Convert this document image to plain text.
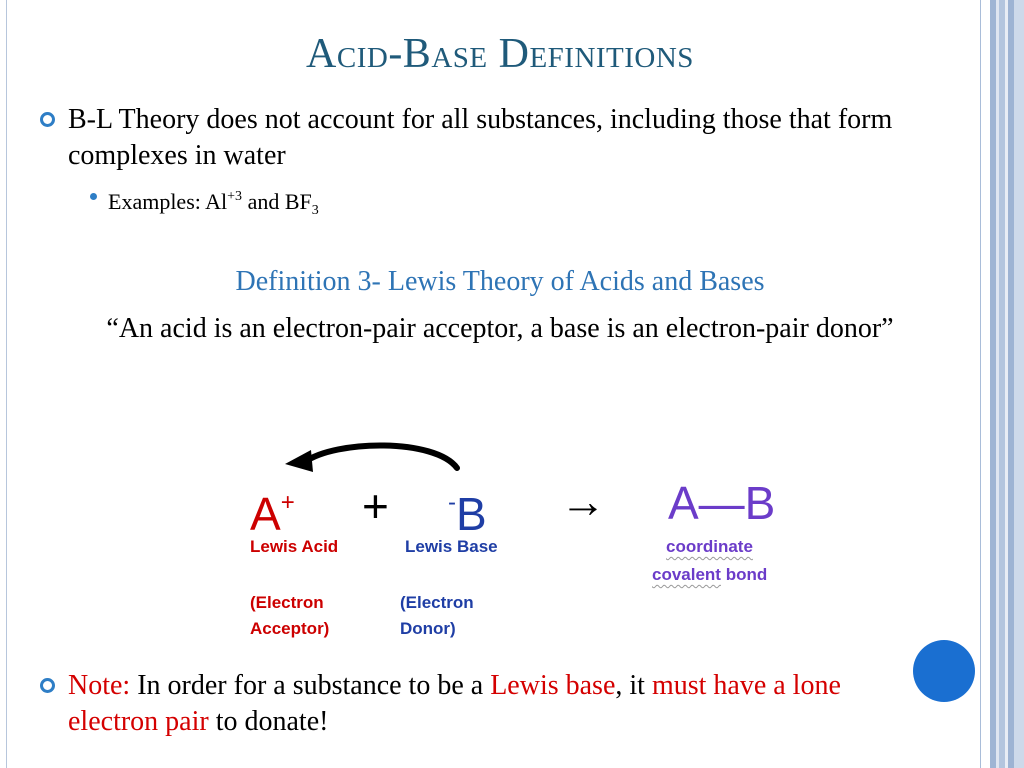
Acid-Base Definitions
B-L Theory does not account for all substances, including those that form complexes in water
Examples: $Al^{+3}$ and $BF_3$
Definition 3- Lewis Theory of Acids and Bases
“An acid is an electron-pair acceptor, a base is an electron-pair donor”
A+ + -B → A—B
Lewis Acid	Lewis Base	coordinate
covalent bond
(Electron
Acceptor)
(Electron
Donor)
Note: In order for a substance to be a Lewis base, it must have a lone electron pair to donate!
